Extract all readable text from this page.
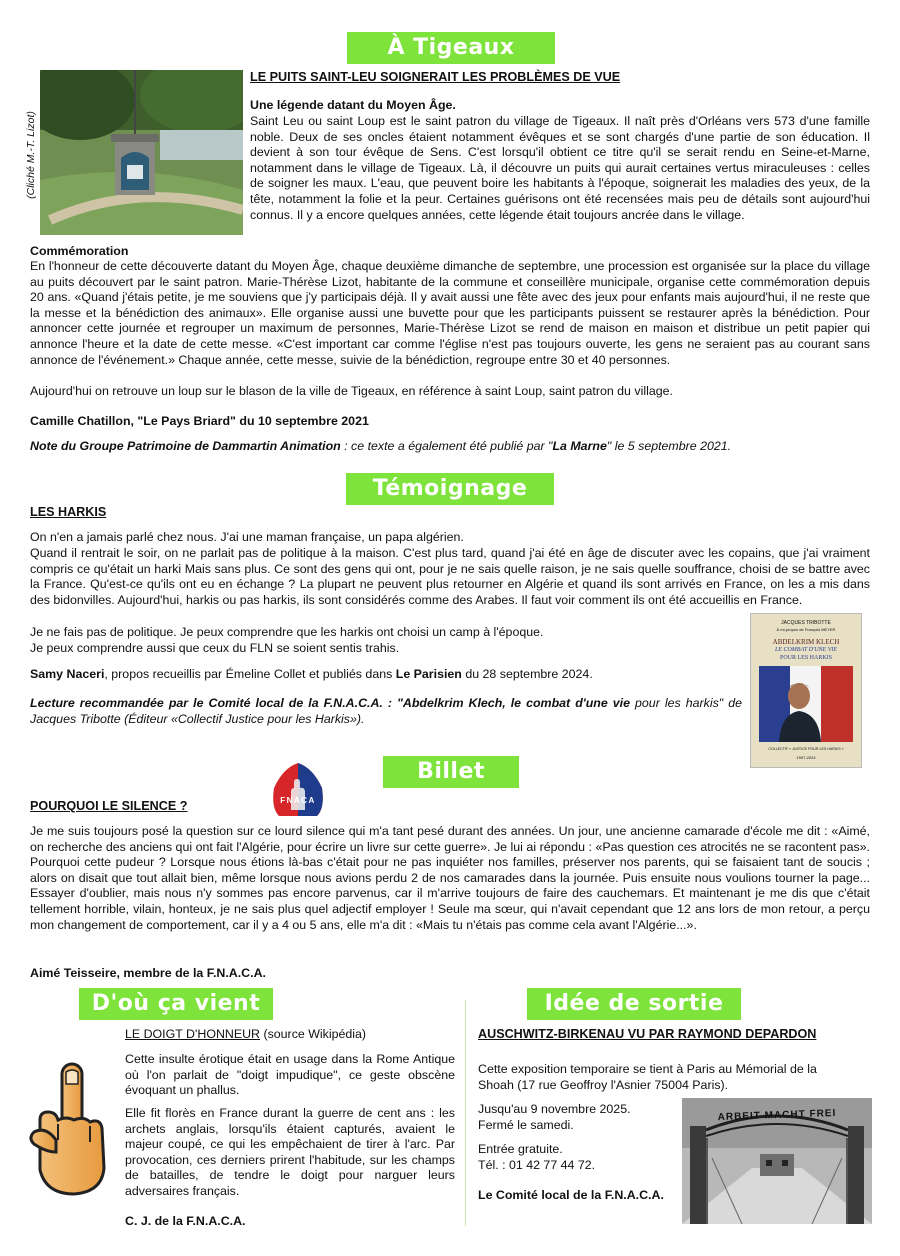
À Tigeaux
(Cliché M.-T. Lizot)

LE PUITS SAINT-LEU SOIGNERAIT LES PROBLÈMES DE VUE

Une légende datant du Moyen Âge.

Saint Leu ou saint Loup est le saint patron du village de Tigeaux. Il naît près d'Orléans vers 573 d'une famille noble. Deux de ses oncles étaient notamment évêques et se sont chargés d'une partie de son éducation. Il devient à son tour évêque de Sens. C'est lorsqu'il obtient ce titre qu'il se serait rendu en Seine-et-Marne, notamment dans le village de Tigeaux. Là, il découvre un puits qui aurait certaines vertus miraculeuses : celles de soigner les maux. L'eau, que peuvent boire les habitants à l'époque, soignerait les maladies des yeux, de la tête, notamment la folie et la peur. Certaines guérisons ont été recensées mais peu de détails sont aujourd'hui connus. Il y a encore quelques années, cette légende était toujours ancrée dans le village.

Commémoration

En l'honneur de cette découverte datant du Moyen Âge, chaque deuxième dimanche de septembre, une procession est organisée sur la place du village au puits découvert par le saint patron. Marie-Thérèse Lizot, habitante de la commune et conseillère municipale, organise cette commémoration depuis 20 ans. «Quand j'étais petite, je me souviens que j'y participais déjà. Il y avait aussi une fête avec des jeux pour enfants mais aujourd'hui, il ne reste que la messe et la bénédiction des animaux». Elle organise aussi une buvette pour que les participants puissent se restaurer après la bénédiction. Pour annoncer cette journée et regrouper un maximum de personnes, Marie-Thérèse Lizot se rend de maison en maison et distribue un petit papier qui annonce l'heure et la date de cette messe. «C'est important car comme l'église n'est pas toujours ouverte, les gens ne seraient pas au courant sans annonce de l'événement.» Chaque année, cette messe, suivie de la bénédiction, regroupe entre 30 et 40 personnes.

Aujourd'hui on retrouve un loup sur le blason de la ville de Tigeaux, en référence à saint Loup, saint patron du village.

Camille Chatillon, "Le Pays Briard" du 10 septembre 2021

Note du Groupe Patrimoine de Dammartin Animation : ce texte a également été publié par "La Marne" le 5 septembre 2021.

Témoignage

LES HARKIS

On n'en a jamais parlé chez nous. J'ai une maman française, un papa algérien.

Quand il rentrait le soir, on ne parlait pas de politique à la maison. C'est plus tard, quand j'ai été en âge de discuter avec les copains, que j'ai vraiment compris ce qu'était un harki Mais sans plus. Ce sont des gens qui ont, pour je ne sais quelle raison, je ne sais quelle souffrance, choisi de se battre avec la France. Qu'est-ce qu'ils ont eu en échange ? La plupart ne peuvent plus retourner en Algérie et quand ils sont arrivés en France, on les a mis dans des bidonvilles. Aujourd'hui, harkis ou pas harkis, ils sont considérés comme des Arabes. Il faut voir comment ils ont été accueillis en France.

Je ne fais pas de politique. Je peux comprendre que les harkis ont choisi un camp à l'époque.

Je peux comprendre aussi que ceux du FLN se soient sentis trahis.

Samy Naceri, propos recueillis par Émeline Collet et publiés dans Le Parisien du 28 septembre 2024.

Lecture recommandée par le Comité local de la F.N.A.C.A. : "Abdelkrim Klech, le combat d'une vie pour les harkis" de Jacques Tribotte (Éditeur «Collectif Justice pour les Harkis»).

JACQUES TRIBOTTE
À mi-propos de François MEYER
ABDELKRIM KLECH
LE COMBAT D'UNE VIE
POUR LES HARKIS
COLLECTIF « JUSTICE POUR LES HARKIS »
1957-2024
FNACA
Billet

POURQUOI LE SILENCE ?

Je me suis toujours posé la question sur ce lourd silence qui m'a tant pesé durant des années. Un jour, une ancienne camarade d'école me dit : «Aimé, on recherche des anciens qui ont fait l'Algérie, pour écrire un livre sur cette guerre». Je lui ai répondu : «Pas question ces atrocités ne se racontent pas». Pourquoi cette pudeur ? Lorsque nous étions là-bas c'était pour ne pas inquiéter nos familles, préserver nos parents, qui se faisaient tant de soucis ; alors on disait que tout allait bien, même lorsque nous avions perdu 2 de nos camarades dans la journée. Puis ensuite nous voulions tourner la page... Essayer d'oublier, mais nous n'y sommes pas encore parvenus, car il m'arrive toujours de faire des cauchemars. Et maintenant je me dis que c'était tellement horrible, vilain, honteux, je ne sais plus quel adjectif employer ! Seule ma sœur, qui n'avait cependant que 12 ans lors de mon retour, a perçu mon changement de comportement, car il y a 4 ou 5 ans, elle m'a dit : «Mais tu n'étais pas comme cela avant l'Algérie...».

Aimé Teisseire, membre de la F.N.A.C.A.

D'où ça vient

LE DOIGT D'HONNEUR (source Wikipédia)

Cette insulte érotique était en usage dans la Rome Antique où l'on parlait de "doigt impudique", ce geste obscène évoquant un phallus.

Elle fit florès en France durant la guerre de cent ans : les archets anglais, lorsqu'ils étaient capturés, avaient le majeur coupé, ce qui les empêchaient de tirer à l'arc. Par provocation, ces derniers prirent l'habitude, sur les champs de batailles, de tendre le doigt pour narguer leurs adversaires français.

C. J. de la F.N.A.C.A.

Idée de sortie

AUSCHWITZ-BIRKENAU VU PAR RAYMOND DEPARDON

Cette exposition temporaire se tient à Paris au Mémorial de la Shoah (17 rue Geoffroy l'Asnier 75004 Paris).

Jusqu'au 9 novembre 2025.

Fermé le samedi.

Entrée gratuite.

Tél. : 01 42 77 44 72.

Le Comité local de la F.N.A.C.A.

ARBEIT MACHT FREI
